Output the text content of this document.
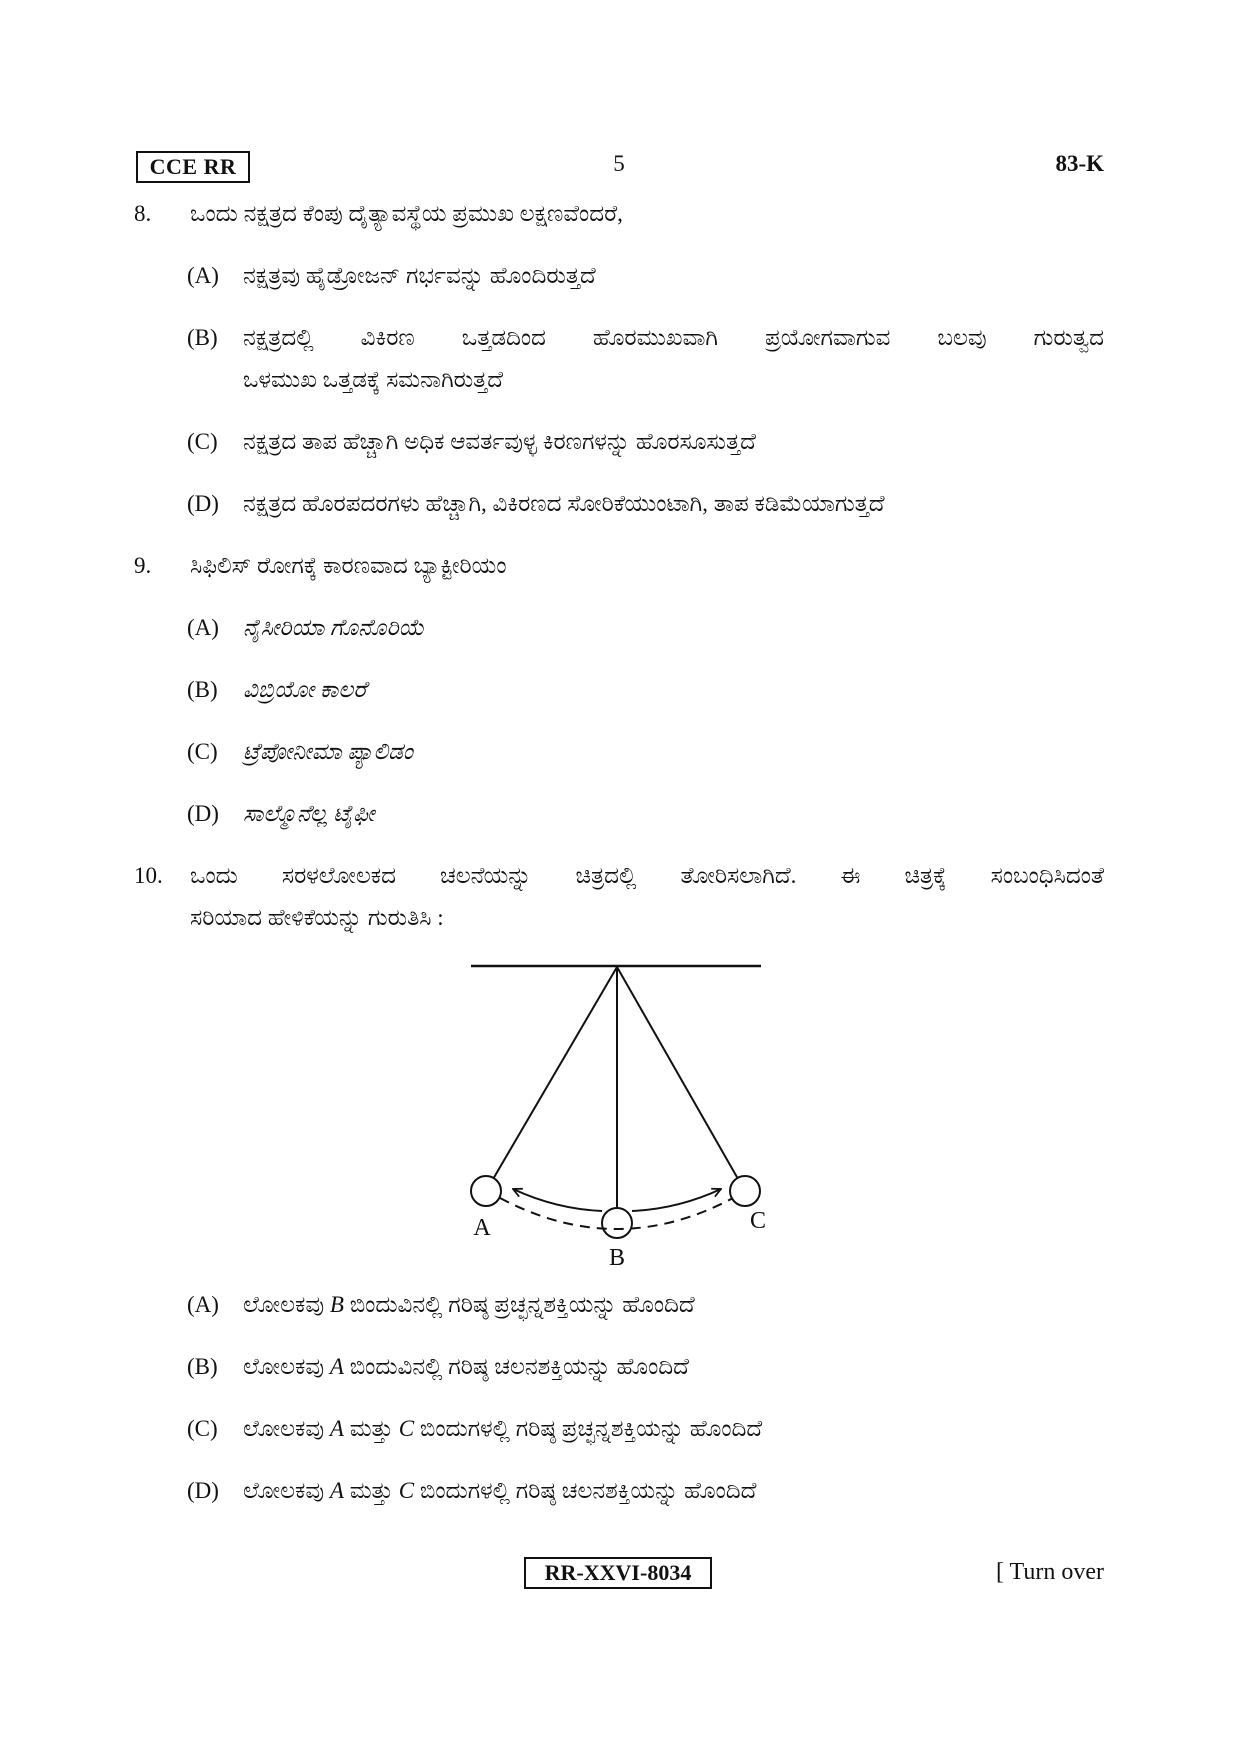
CCE RR	5	83-K
8.	ಒಂದು ನಕ್ಷತ್ರದ ಕೆಂಪು ದೈತ್ಯಾವಸ್ಥೆಯ ಪ್ರಮುಖ ಲಕ್ಷಣವೆಂದರೆ,
(A)	ನಕ್ಷತ್ರವು ಹೈಡ್ರೋಜನ್ ಗರ್ಭವನ್ನು ಹೊಂದಿರುತ್ತದೆ
(B)	ನಕ್ಷತ್ರದಲ್ಲಿ ವಿಕಿರಣ ಒತ್ತಡದಿಂದ ಹೊರಮುಖವಾಗಿ ಪ್ರಯೋಗವಾಗುವ ಬಲವು ಗುರುತ್ವದ
ಒಳಮುಖ ಒತ್ತಡಕ್ಕೆ ಸಮನಾಗಿರುತ್ತದೆ
(C)	ನಕ್ಷತ್ರದ ತಾಪ ಹೆಚ್ಚಾಗಿ ಅಧಿಕ ಆವರ್ತವುಳ್ಳ ಕಿರಣಗಳನ್ನು ಹೊರಸೂಸುತ್ತದೆ
(D)	ನಕ್ಷತ್ರದ ಹೊರಪದರಗಳು ಹೆಚ್ಚಾಗಿ, ವಿಕಿರಣದ ಸೋರಿಕೆಯುಂಟಾಗಿ, ತಾಪ ಕಡಿಮೆಯಾಗುತ್ತದೆ
9.	ಸಿಫಿಲಿಸ್ ರೋಗಕ್ಕೆ ಕಾರಣವಾದ ಬ್ಯಾಕ್ಟೀರಿಯಂ
(A)	ನೈಸೀರಿಯಾ ಗೊನೊರಿಯೆ
(B)	ವಿಬ್ರಿಯೋ ಕಾಲರೆ
(C)	ಟ್ರೆಪೋನೀಮಾ ಪ್ಯಾಲಿಡಂ
(D)	ಸಾಲ್ಮೊನೆಲ್ಲ ಟೈಫೀ
10.	ಒಂದು ಸರಳಲೋಲಕದ ಚಲನೆಯನ್ನು ಚಿತ್ರದಲ್ಲಿ ತೋರಿಸಲಾಗಿದೆ. ಈ ಚಿತ್ರಕ್ಕೆ ಸಂಬಂಧಿಸಿದಂತೆ
ಸರಿಯಾದ ಹೇಳಿಕೆಯನ್ನು ಗುರುತಿಸಿ :
A
B
C
(A)	ಲೋಲಕವು B ಬಿಂದುವಿನಲ್ಲಿ ಗರಿಷ್ಠ ಪ್ರಚ್ಛನ್ನಶಕ್ತಿಯನ್ನು ಹೊಂದಿದೆ
(B)	ಲೋಲಕವು A ಬಿಂದುವಿನಲ್ಲಿ ಗರಿಷ್ಠ ಚಲನಶಕ್ತಿಯನ್ನು ಹೊಂದಿದೆ
(C)	ಲೋಲಕವು A ಮತ್ತು C ಬಿಂದುಗಳಲ್ಲಿ ಗರಿಷ್ಠ ಪ್ರಚ್ಛನ್ನಶಕ್ತಿಯನ್ನು ಹೊಂದಿದೆ
(D)	ಲೋಲಕವು A ಮತ್ತು C ಬಿಂದುಗಳಲ್ಲಿ ಗರಿಷ್ಠ ಚಲನಶಕ್ತಿಯನ್ನು ಹೊಂದಿದೆ
RR-XXVI-8034	[ Turn over
